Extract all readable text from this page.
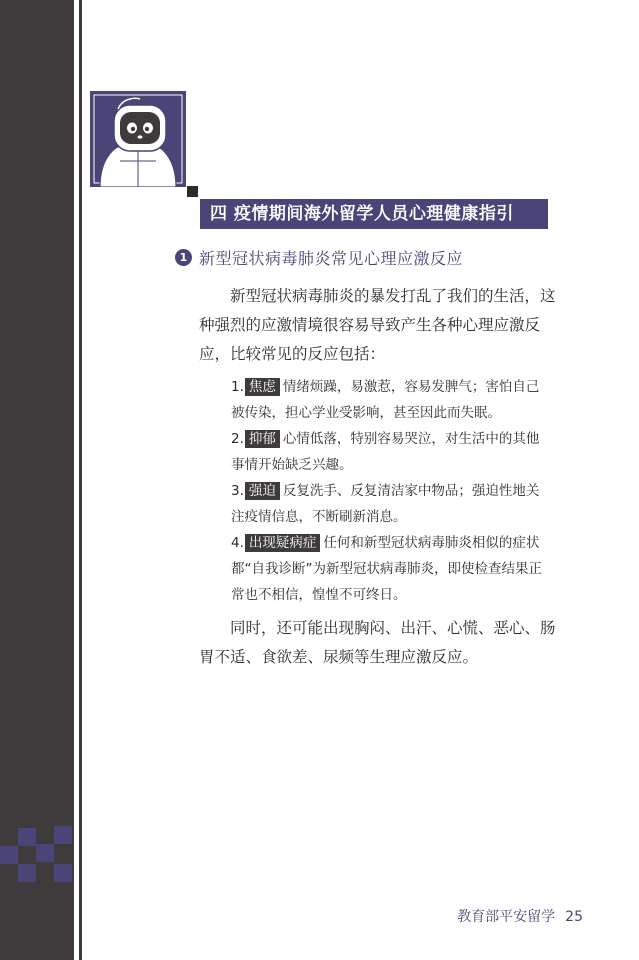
四 疫情期间海外留学人员心理健康指引
1 新型冠状病毒肺炎常见心理应激反应
新型冠状病毒肺炎的暴发打乱了我们的生活，这种强烈的应激情境很容易导致产生各种心理应激反应，比较常见的反应包括：
1. 焦虑 情绪烦躁，易激惹，容易发脾气；害怕自己被传染，担心学业受影响，甚至因此而失眠。
2. 抑郁 心情低落，特别容易哭泣，对生活中的其他事情开始缺乏兴趣。
3. 强迫 反复洗手、反复清洁家中物品；强迫性地关注疫情信息，不断刷新消息。
4. 出现疑病症 任何和新型冠状病毒肺炎相似的症状都“自我诊断”为新型冠状病毒肺炎，即使检查结果正常也不相信，惶惶不可终日。
同时，还可能出现胸闷、出汗、心慌、恶心、肠胃不适、食欲差、尿频等生理应激反应。
教育部平安留学 25
